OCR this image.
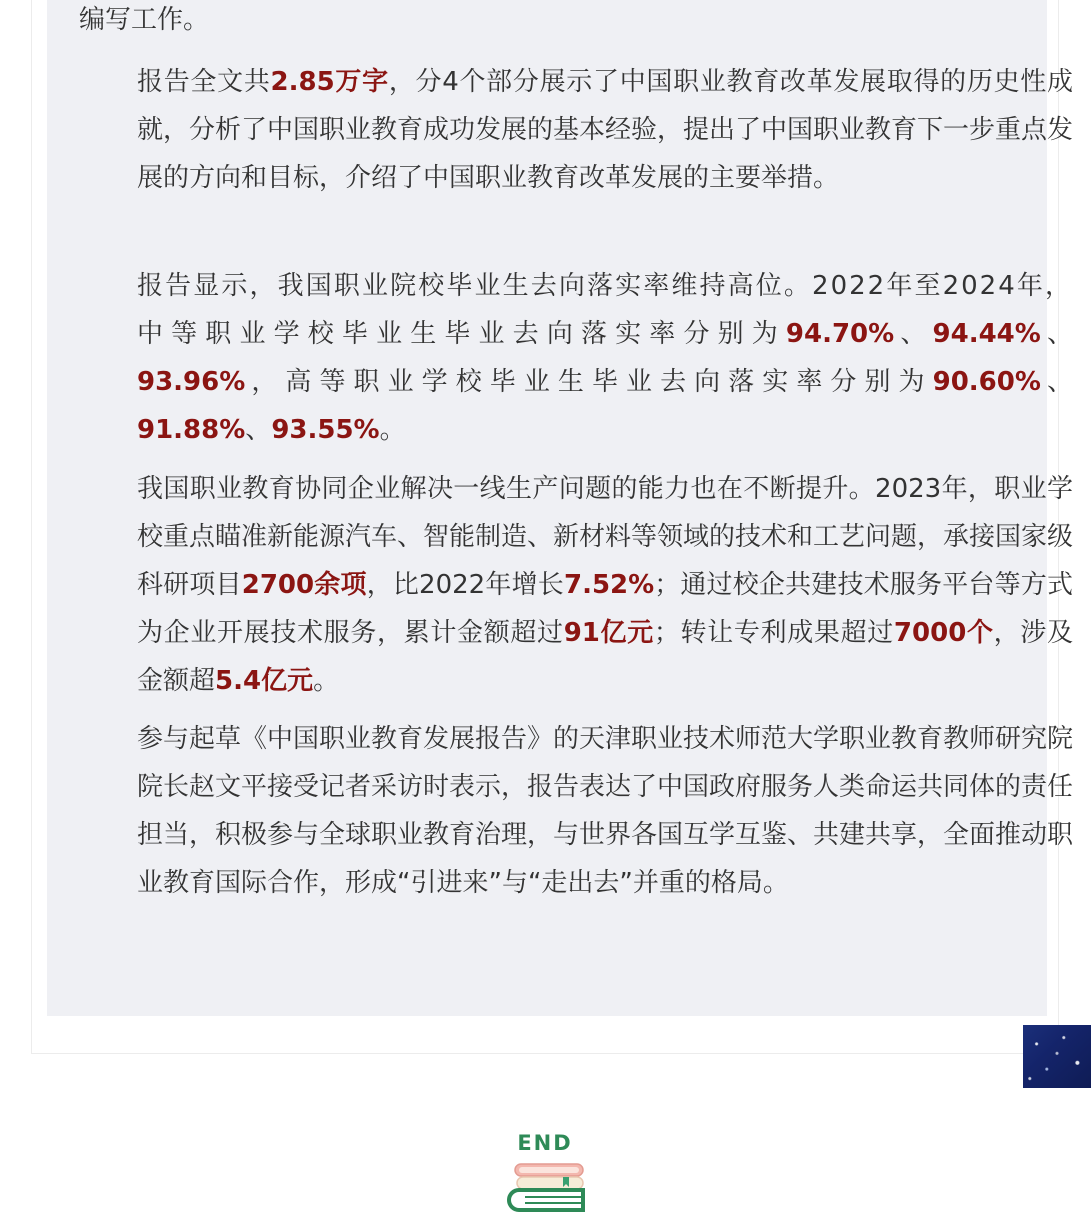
编写工作。

报告全文共2.85万字，分4个部分展示了中国职业教育改革发展取得的历史性成就，分析了中国职业教育成功发展的基本经验，提出了中国职业教育下一步重点发展的方向和目标，介绍了中国职业教育改革发展的主要举措。

报告显示，我国职业院校毕业生去向落实率维持高位。2022年至2024年，中等职业学校毕业生毕业去向落实率分别为94.70%、94.44%、93.96%，高等职业学校毕业生毕业去向落实率分别为90.60%、91.88%、93.55%。

我国职业教育协同企业解决一线生产问题的能力也在不断提升。2023年，职业学校重点瞄准新能源汽车、智能制造、新材料等领域的技术和工艺问题，承接国家级科研项目2700余项，比2022年增长7.52%；通过校企共建技术服务平台等方式为企业开展技术服务，累计金额超过91亿元；转让专利成果超过7000个，涉及金额超5.4亿元。

参与起草《中国职业教育发展报告》的天津职业技术师范大学职业教育教师研究院院长赵文平接受记者采访时表示，报告表达了中国政府服务人类命运共同体的责任担当，积极参与全球职业教育治理，与世界各国互学互鉴、共建共享，全面推动职业教育国际合作，形成“引进来”与“走出去”并重的格局。

END
